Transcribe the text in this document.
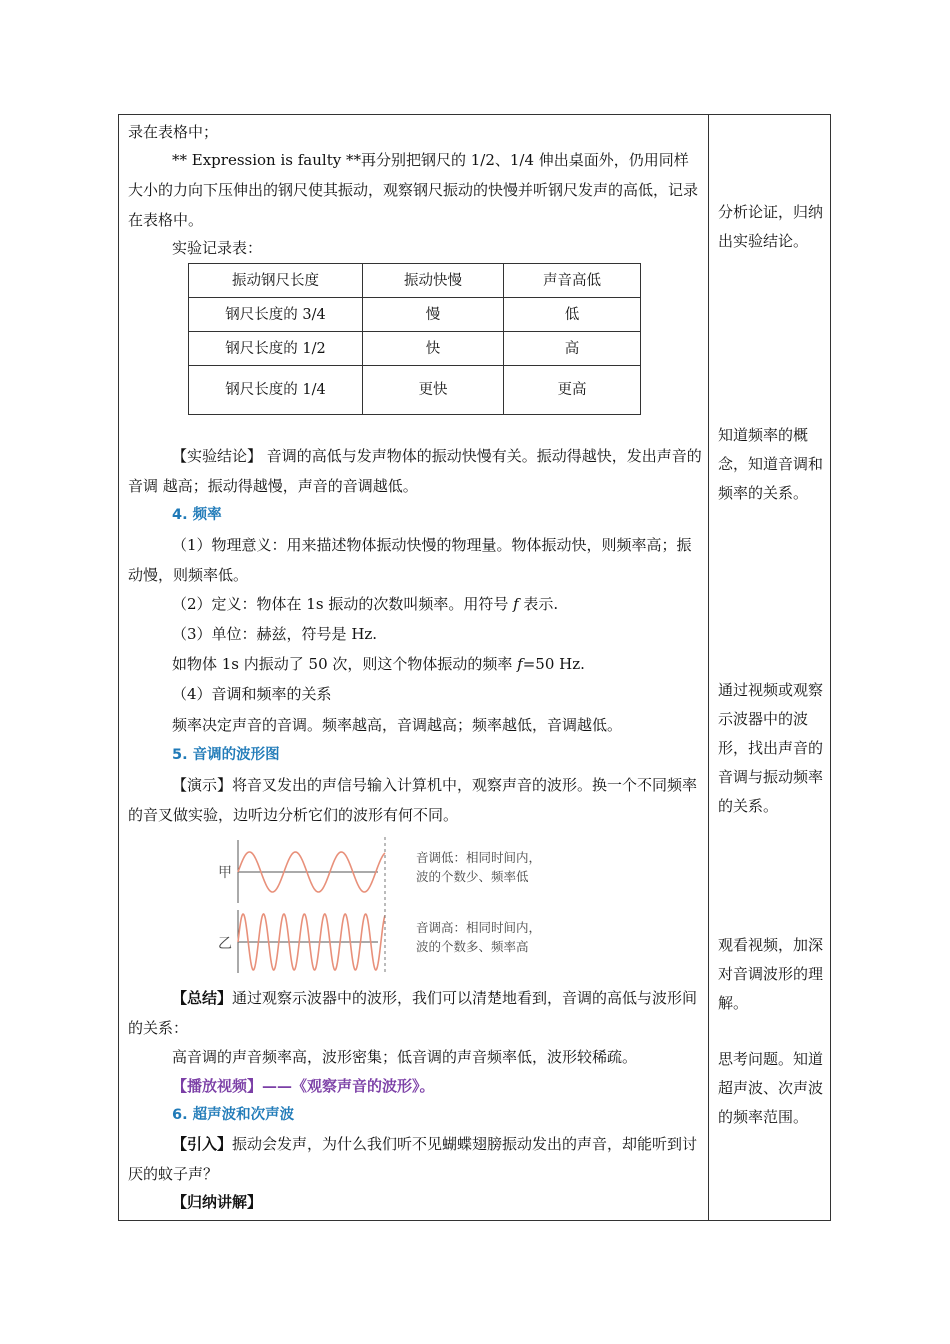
录在表格中；

** Expression is faulty **再分别把钢尺的 1/2、1/4 伸出桌面外，仍用同样大小的力向下压伸出的钢尺使其振动，观察钢尺振动的快慢并听钢尺发声的高低，记录在表格中。

实验记录表：

振动钢尺长度	振动快慢	声音高低
钢尺长度的 3/4	慢	低
钢尺长度的 1/2	快	高
钢尺长度的 1/4	更快	更高

【实验结论】 音调的高低与发声物体的振动快慢有关。振动得越快，发出声音的音调 越高；振动得越慢，声音的音调越低。

4. 频率

（1）物理意义：用来描述物体振动快慢的物理量。物体振动快，则频率高；振动慢，则频率低。

（2）定义：物体在 1s 振动的次数叫频率。用符号 f 表示.

（3）单位：赫兹，符号是 Hz.

如物体 1s 内振动了 50 次，则这个物体振动的频率 f=50 Hz.

（4）音调和频率的关系

频率决定声音的音调。频率越高，音调越高；频率越低，音调越低。

5. 音调的波形图

【演示】将音叉发出的声信号输入计算机中，观察声音的波形。换一个不同频率的音叉做实验，边听边分析它们的波形有何不同。

甲
乙
音调低：相同时间内，
波的个数少、频率低
音调高：相同时间内，
波的个数多、频率高

【总结】通过观察示波器中的波形，我们可以清楚地看到，音调的高低与波形间的关系：

高音调的声音频率高，波形密集；低音调的声音频率低，波形较稀疏。

【播放视频】——《观察声音的波形》。

6. 超声波和次声波

【引入】振动会发声，为什么我们听不见蝴蝶翅膀振动发出的声音，却能听到讨厌的蚊子声？

【归纳讲解】

分析论证，归纳出实验结论。
知道频率的概念，知道音调和频率的关系。
通过视频或观察示波器中的波形，找出声音的音调与振动频率的关系。
观看视频，加深对音调波形的理解。
思考问题。知道超声波、次声波的频率范围。
